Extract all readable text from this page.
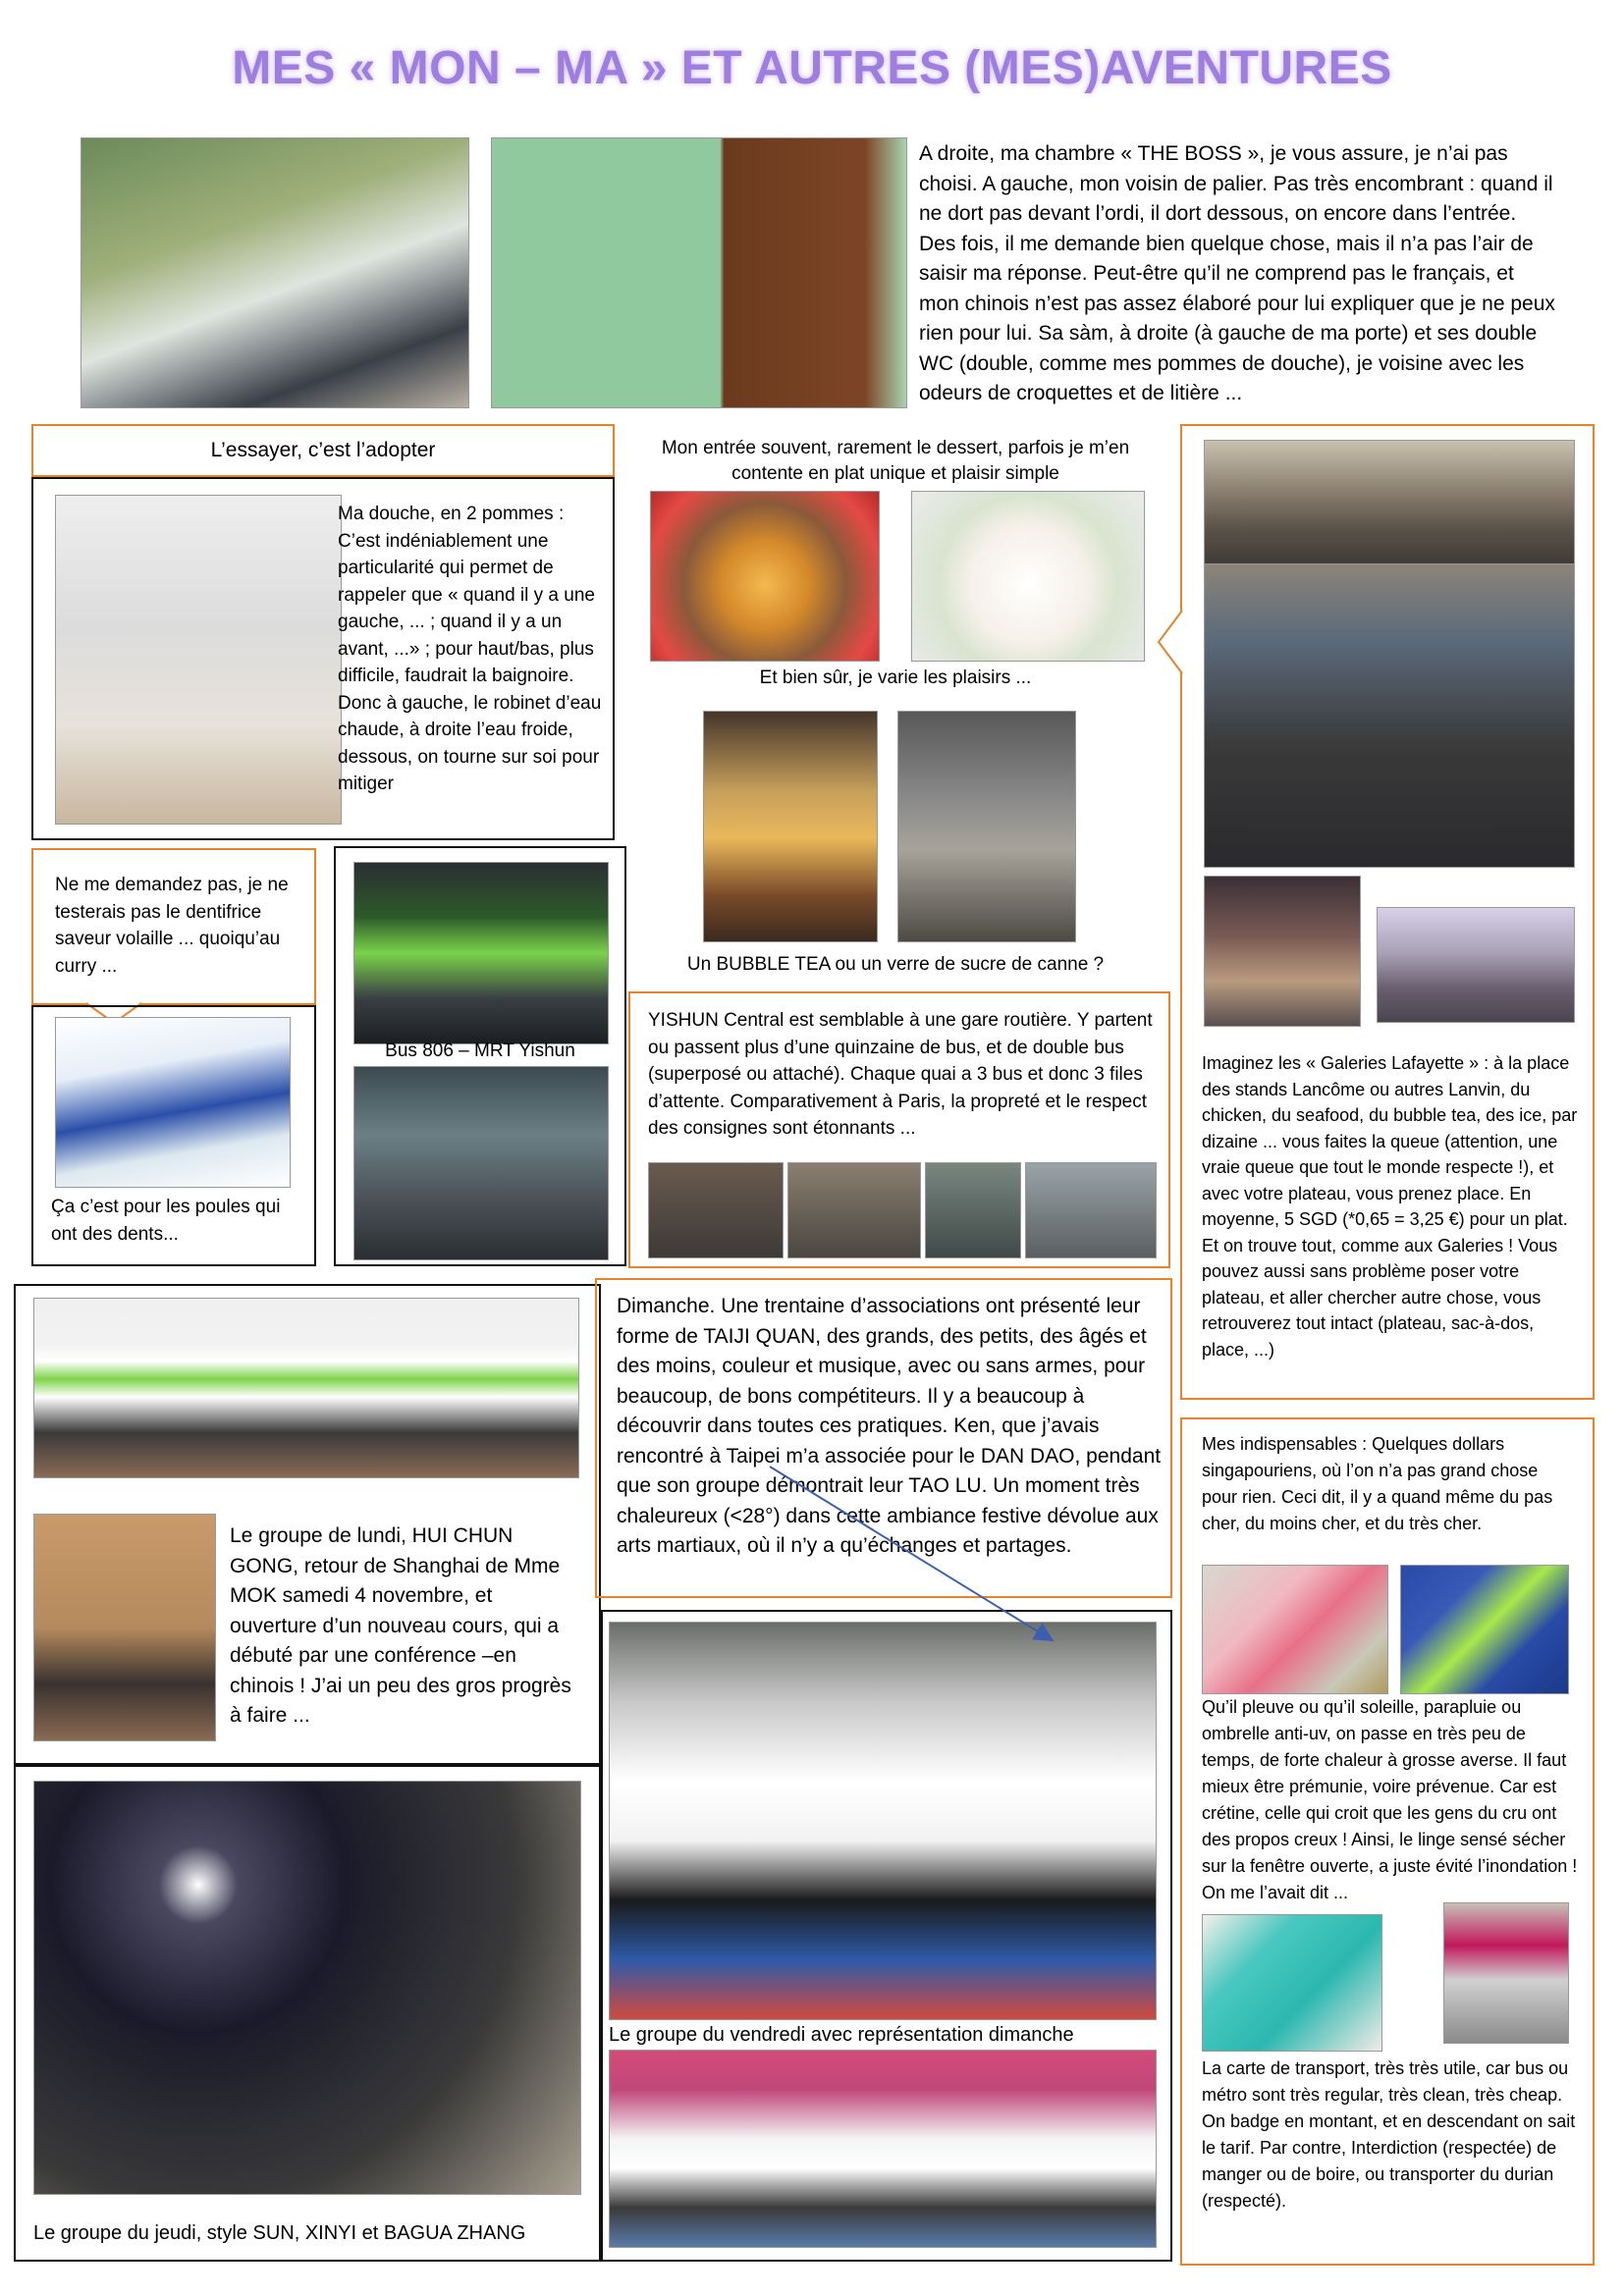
MES « MON – MA » ET AUTRES (MES)AVENTURES
A droite, ma chambre « THE BOSS », je vous assure, je n’ai pas choisi. A gauche, mon voisin de palier. Pas très encombrant : quand il ne dort pas devant l’ordi, il dort dessous, on encore dans l’entrée. Des fois, il me demande bien quelque chose, mais il n’a pas l’air de saisir ma réponse. Peut-être qu’il ne comprend pas le français, et mon chinois n’est pas assez élaboré pour lui expliquer que je ne peux rien pour lui. Sa sàm, à droite (à gauche de ma porte) et ses double WC (double, comme mes pommes de douche), je voisine avec les odeurs de croquettes et de litière ...
L’essayer, c’est l’adopter
Ma douche, en 2 pommes : C’est indéniablement une particularité qui permet de rappeler que « quand il y a une gauche, ... ; quand il y a un avant, ...» ; pour haut/bas, plus difficile, faudrait la baignoire. Donc à gauche, le robinet d’eau chaude, à droite l’eau froide, dessous, on tourne sur soi pour mitiger
Mon entrée souvent, rarement le dessert, parfois je m’en contente en plat unique et plaisir simple
Et bien sûr, je varie les plaisirs ...
Un BUBBLE TEA ou un verre de sucre de canne ?
Imaginez les « Galeries Lafayette » : à la place des stands Lancôme ou autres Lanvin, du chicken, du seafood, du bubble tea, des ice, par dizaine ... vous faites la queue (attention, une vraie queue que tout le monde respecte !), et avec votre plateau, vous prenez place. En moyenne, 5 SGD (*0,65 = 3,25 €) pour un plat. Et on trouve tout, comme aux Galeries ! Vous pouvez aussi sans problème poser votre plateau, et aller chercher autre chose, vous retrouverez tout intact (plateau, sac-à-dos, place, ...)
Ne me demandez pas, je ne testerais pas le dentifrice saveur volaille ... quoiqu’au curry ...
Ça c’est pour les poules qui ont des dents...
Bus 806 – MRT Yishun
YISHUN Central est semblable à une gare routière. Y partent ou passent plus d’une quinzaine de bus, et de double bus (superposé ou attaché). Chaque quai a 3 bus et donc 3 files d’attente. Comparativement à Paris, la propreté et le respect des consignes sont étonnants ...
Le groupe de lundi, HUI CHUN GONG, retour de Shanghai de Mme MOK samedi 4 novembre, et ouverture d’un nouveau cours, qui a débuté par une conférence –en chinois ! J’ai un peu des gros progrès à faire ...
Dimanche. Une trentaine d’associations ont présenté leur forme de TAIJI QUAN, des grands, des petits, des âgés et des moins, couleur et musique, avec ou sans armes, pour beaucoup, de bons compétiteurs. Il y a beaucoup à découvrir dans toutes ces pratiques. Ken, que j’avais rencontré à Taipei m’a associée pour le DAN DAO, pendant que son groupe démontrait leur TAO LU. Un moment très chaleureux (<28°) dans cette ambiance festive dévolue aux arts martiaux, où il n’y a qu’échanges et partages.
Le groupe du vendredi avec représentation dimanche
Le groupe du jeudi, style SUN, XINYI et BAGUA ZHANG
Mes indispensables : Quelques dollars singapouriens, où l’on n’a pas grand chose pour rien. Ceci dit, il y a quand même du pas cher, du moins cher, et du très cher.
Qu’il pleuve ou qu’il soleille, parapluie ou ombrelle anti-uv, on passe en très peu de temps, de forte chaleur à grosse averse. Il faut mieux être prémunie, voire prévenue. Car est crétine, celle qui croit que les gens du cru ont des propos creux ! Ainsi, le linge sensé sécher sur la fenêtre ouverte, a juste évité l’inondation ! On me l’avait dit ...
La carte de transport, très très utile, car bus ou métro sont très regular, très clean, très cheap. On badge en montant, et en descendant on sait le tarif. Par contre, Interdiction (respectée) de manger ou de boire, ou transporter du durian (respecté).
